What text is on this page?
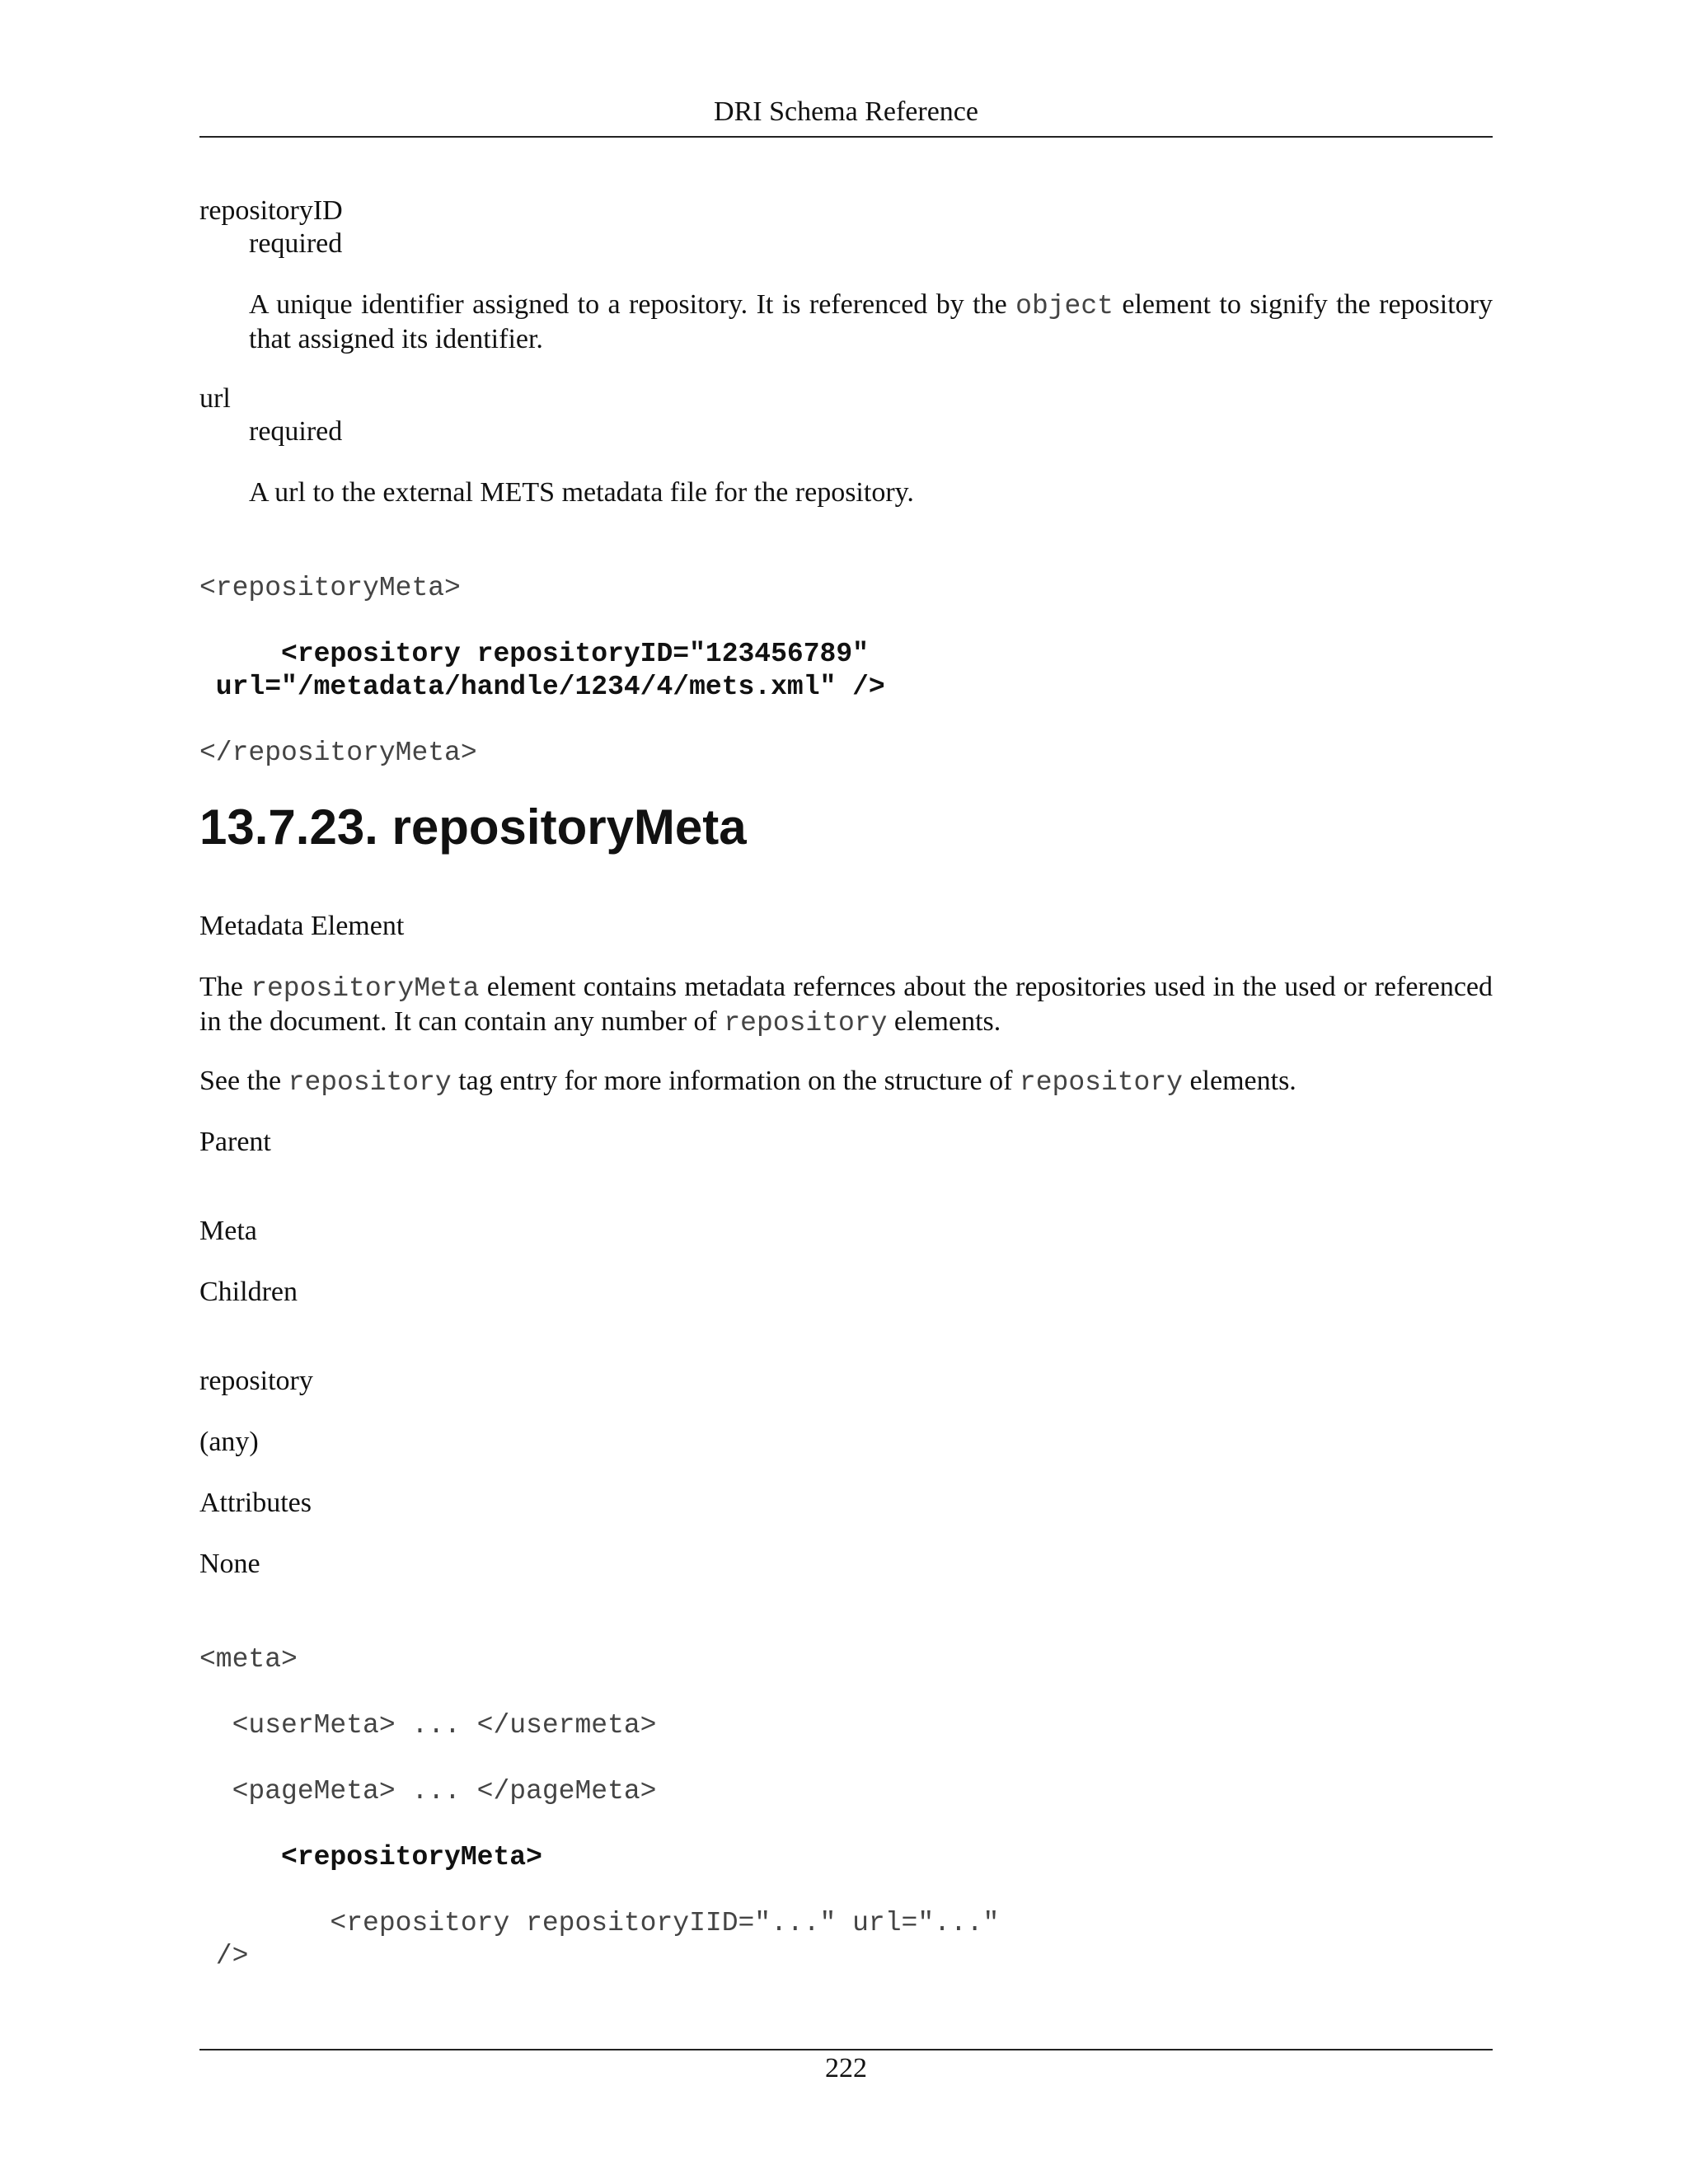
DRI Schema Reference
repositoryID
required
A unique identifier assigned to a repository. It is referenced by the object element to signify the repository that assigned its identifier.
url
required
A url to the external METS metadata file for the repository.
<repositoryMeta>
<repository repositoryID="123456789"
url="/metadata/handle/1234/4/mets.xml" />
</repositoryMeta>
13.7.23. repositoryMeta
Metadata Element
The repositoryMeta element contains metadata refernces about the repositories used in the used or referenced in the document. It can contain any number of repository elements.
See the repository tag entry for more information on the structure of repository elements.
Parent
Meta
Children
repository
(any)
Attributes
None
<meta>
<userMeta> ... </usermeta>
<pageMeta> ... </pageMeta>
<repositoryMeta>
<repository repositoryIID="..." url="..."
/>
222
